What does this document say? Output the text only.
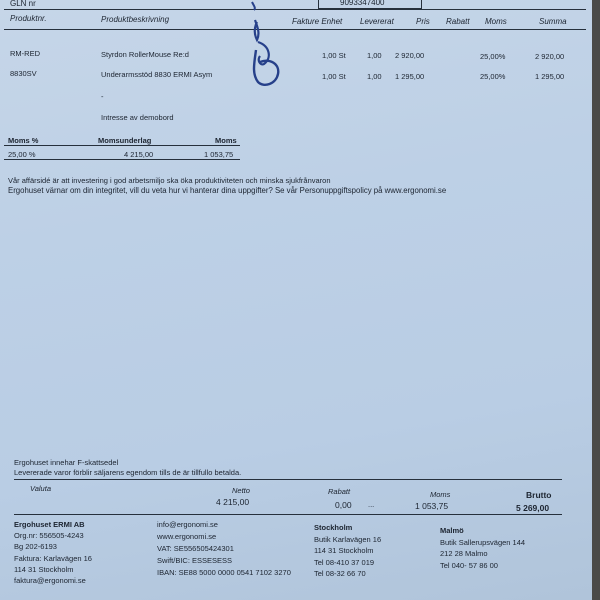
GLN nr	9093347400
Produktnr.	Produktbeskrivning	Fakture Enhet Levererat	Pris Rabatt Moms	Summa
RM-RED	Styrdon RollerMouse Re:d	1,00 St	1,00 2 920,00	25,00%	2 920,00
8830SV	Underarmsstöd 8830 ERMI Asym	1,00 St	1,00 1 295,00	25,00%	1 295,00
-
Intresse av demobord
Moms %	Momsunderlag	Moms
25,00 %	4 215,00	1 053,75
Vår affärsidé är att investering i god arbetsmiljo ska öka produktiviteten och minska sjukfrånvaron
Ergohuset värnar om din integritet, vill du veta hur vi hanterar dina uppgifter? Se vår Personuppgiftspolicy på www.ergonomi.se
Ergohuset innehar F-skattsedel
Levererade varor förblir säljarens egendom tills de är tillfullo betalda.
Valuta	Netto
4 215,00
Rabatt
0,00 ...
Moms
1 053,75
Brutto
5 269,00
Ergohuset ERMI AB
Org.nr: 556505-4243
Bg 202-6193
Faktura: Karlavägen 16
114 31 Stockholm
faktura@ergonomi.se
info@ergonomi.se
www.ergonomi.se
VAT: SE556505424301
Swift/BIC: ESSESESS
IBAN: SE88 5000 0000 0541 7102 3270
Stockholm
Butik Karlavägen 16
114 31 Stockholm
Tel 08-410 37 019
Tel 08-32 66 70
Malmö
Butik Sallerupsvägen 144
212 28 Malmo
Tel 040- 57 86 00
